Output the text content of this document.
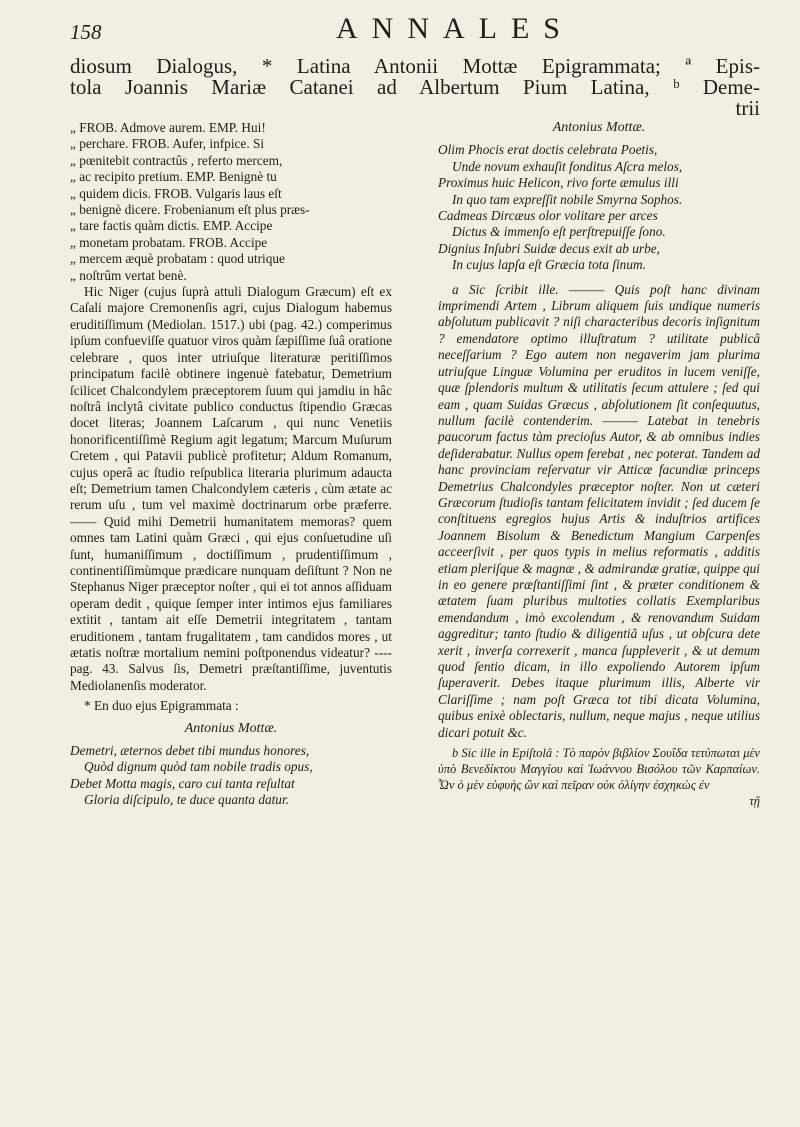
158	ANNALES
diosum Dialogus, * Latina Antonii Mottæ Epigrammata; ª Epis-
tola Joannis Mariæ Catanei ad Albertum Pium Latina, ᵇ Deme-
trii

„ FROB. Admove aurem. EMP. Hui!
„ perchare. FROB. Aufer, infpice. Si
„ pœnitebit contractûs , referto mercem,
„ ac recipito pretium. EMP. Benignè tu
„ quidem dicis. FROB. Vulgaris laus eſt
„ benignè dicere. Frobenianum eſt plus præs-
„ tare factis quàm dictis. EMP. Accipe
„ monetam probatam. FROB. Accipe
„ mercem æquè probatam : quod utrique
„ noſtrûm vertat benè.

Hic Niger (cujus ſuprà attuli Dialogum Græcum) eſt ex Caſali majore Cremonenſis agri, cujus Dialogum habemus eruditiſſimum (Mediolan. 1517.) ubi (pag. 42.) comperimus ipſum confueviſſe quatuor viros quàm ſæpiſſime ſuâ oratione celebrare , quos inter utriuſque literaturæ peritiſſimos principatum facilè obtinere ingenuè fatebatur, Demetrium ſcilicet Chalcondylem præceptorem ſuum qui jamdiu in hâc noſtrâ inclytâ civitate publico conductus ſtipendio Græcas docet literas; Joannem Laſcarum , qui nunc Venetiis honorificentiſſimè Regium agit legatum; Marcum Muſurum Cretem , qui Patavii publicè profitetur; Aldum Romanum, cujus operâ ac ſtudio reſpublica literaria plurimum adaucta eſt; Demetrium tamen Chalcondylem cæteris , cùm ætate ac rerum uſu , tum vel maximè doctrinarum orbe præferre. —— Quid mihi Demetrii humanitatem memoras? quem omnes tam Latini quàm Græci , qui ejus conſuetudine uſi ſunt, humaniſſimum , doctiſſimum , prudentiſſimum , continentiſſimùmque prædicare nunquam deſiſtunt ? Non ne Stephanus Niger præceptor noſter , qui ei tot annos aſſiduam operam dedit , quique ſemper inter intimos ejus familiares extitit , tantam ait eſſe Demetrii integritatem , tantam eruditionem , tantam frugalitatem , tam candidos mores , ut ætatis noſtræ mortalium nemini poſtponendus videatur? ---- pag. 43. Salvus ſis, Demetri præſtantiſſime, juventutis Mediolanenſis moderator.

* En duo ejus Epigrammata :

Antonius Mottæ.

Demetri, æternos debet tibi mundus honores,
Quòd dignum quòd tam nobile tradis opus,
Debet Motta magis, caro cui tanta reſultat
Gloria diſcipulo, te duce quanta datur.

Antonius Mottæ.

Olim Phocis erat doctis celebrata Poetis,
Unde novum exhauſit fonditus Aſcra melos,
Proximus huic Helicon, rivo forte æmulus illi
In quo tam expreſſit nobile Smyrna Sophos.
Cadmeas Dircæus olor volitare per arces
Dictus & immenſo eſt perſtrepuiſſe ſono.
Dignius Inſubri Suidæ decus exit ab urbe,
In cujus lapſa eſt Græcia tota ſinum.

a Sic ſcribit ille. ——— Quis poſt hanc divinam imprimendi Artem , Librum aliquem ſuis undique numeris abſolutum publicavit ? niſi characteribus decoris inſignitum ? emendatore optimo illuſtratum ? utilitate publicâ neceſſarium ? Ego autem non negaverim jam plurima utriuſque Linguæ Volumina per eruditos in lucem veniſſe, quæ ſplendoris multum & utilitatis ſecum attulere ; ſed qui eam , quam Suidas Græcus , abſolutionem ſit conſequutus, nullum facilè contenderim. ——— Latebat in tenebris paucorum factus tàm precioſus Autor, & ab omnibus indies deſiderabatur. Nullus opem ferebat , nec poterat. Tandem ad hanc provinciam reſervatur vir Atticæ facundiæ princeps Demetrius Chalcondyles præceptor noſter. Non ut cæteri Græcorum ſtudioſis tantam felicitatem invidit ; ſed ducem ſe conſtituens egregios hujus Artis & induſtrios artifices Joannem Bisolum & Benedictum Mangium Carpenſes acceerſivit , per quos typis in melius reformatis , additis etiam pleriſque & magnæ , & admirandæ gratiæ, quippe qui in eo genere præſtantiſſimi ſint , & præter conditionem & ætatem ſuam pluribus multoties collatis Exemplaribus emendandum , imò excolendum , & renovandum Suidam aggreditur; tanto ſtudio & diligentiâ uſus , ut obſcura dete xerit , inverſa correxerit , manca ſuppleverit , & ut demum quod ſentio dicam, in illo expoliendo Autorem ipſum ſuperaverit. Debes itaque plurimum illis, Alberte vir Clariſſime ; nam poſt Græca tot tibi dicata Volumina, quibus enixè oblectaris, nullum, neque majus , neque utilius dicari potuit &c.

b Sic ille in Epiſtolâ : Τὸ παρὸν βιβλίον Σουΐδα τετύπωται μὲν ὑπὸ Βενεδίκτου Μαγγίου καὶ Ἰωάννου Βισόλου τῶν Καρπαίων. Ὧν ὁ μὲν εὐφυὴς ὢν καὶ πεῖραν οὐκ ὀλίγην ἐσχηκὼς ἐν

τῇ
